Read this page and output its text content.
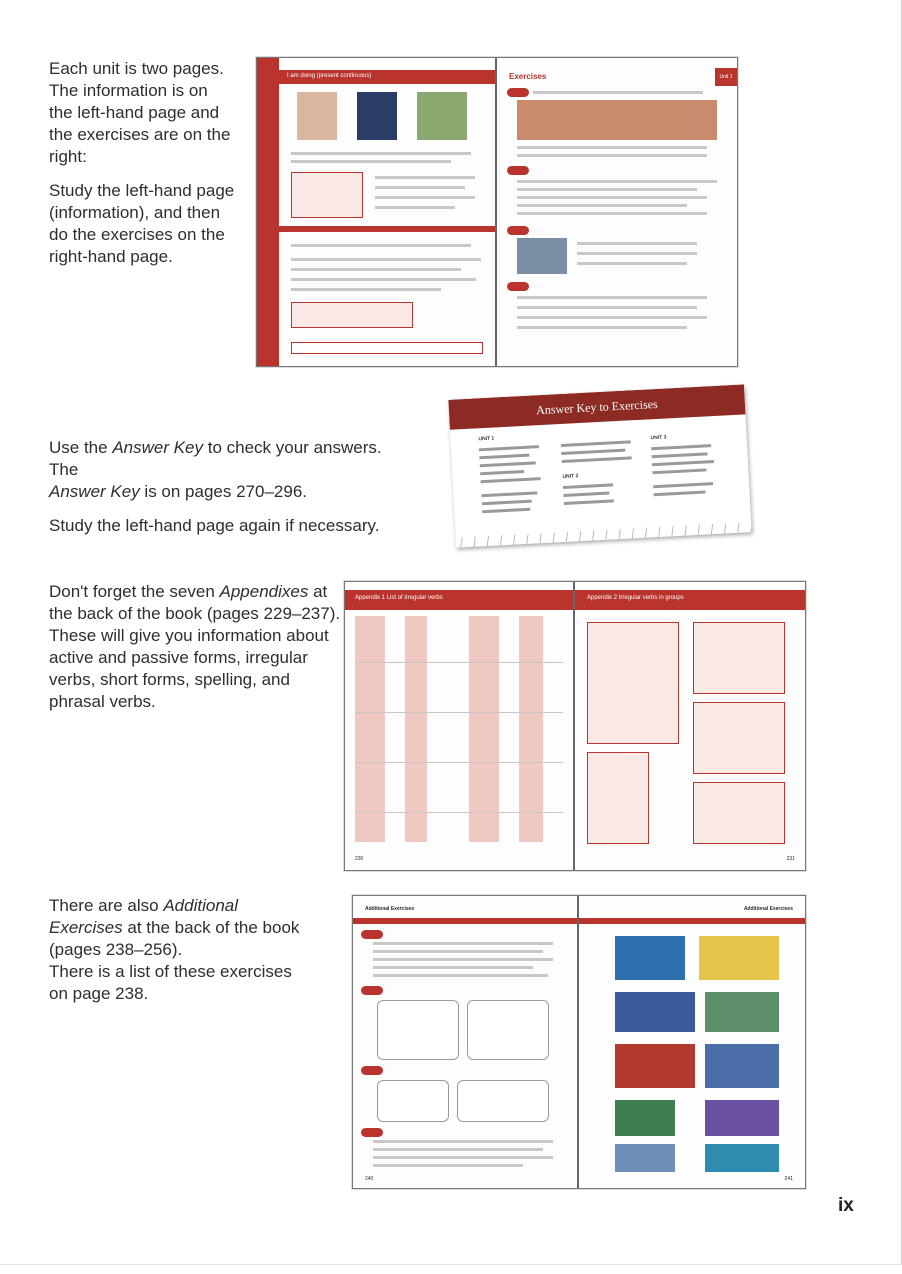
Each unit is two pages.
The information is on
the left-hand page and
the exercises are on the
right:

Study the left-hand page
(information), and then
do the exercises on the
right-hand page.

I am doing (present continuous)	Exercises	Unit 1

Use the Answer Key to check your answers. The
Answer Key is on pages 270–296.

Study the left-hand page again if necessary.

Answer Key to Exercises
UNIT 1
UNIT 2
UNIT 3
Don't forget the seven Appendixes at
the back of the book (pages 229–237).
These will give you information about
active and passive forms, irregular
verbs, short forms, spelling, and
phrasal verbs.
Appendix 1 List of irregular verbs
230
Appendix 2 Irregular verbs in groups
231
There are also Additional
Exercises at the back of the book
(pages 238–256).
There is a list of these exercises
on page 238.
Additional Exercises
240
Additional Exercises
241
ix
